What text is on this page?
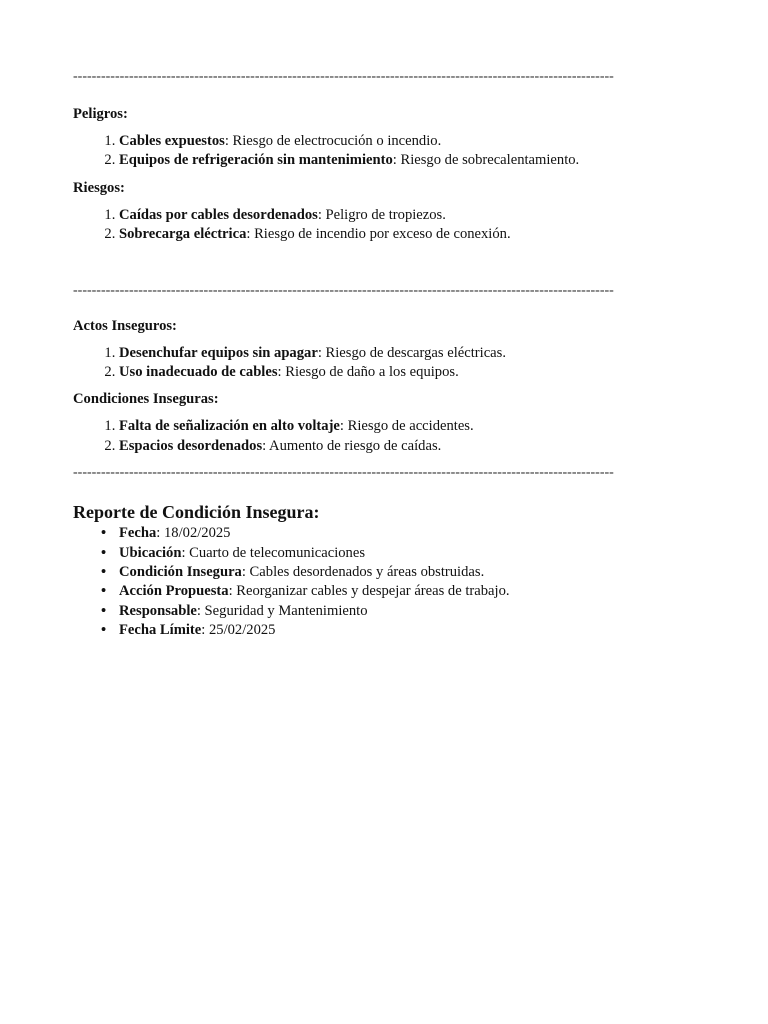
--------------------------------------------------------------------------------------------------------------------

Peligros:

1. Cables expuestos: Riesgo de electrocución o incendio.
2. Equipos de refrigeración sin mantenimiento: Riesgo de sobrecalentamiento.

Riesgos:

1. Caídas por cables desordenados: Peligro de tropiezos.
2. Sobrecarga eléctrica: Riesgo de incendio por exceso de conexión.
--------------------------------------------------------------------------------------------------------------------

Actos Inseguros:

1. Desenchufar equipos sin apagar: Riesgo de descargas eléctricas.
2. Uso inadecuado de cables: Riesgo de daño a los equipos.

Condiciones Inseguras:

1. Falta de señalización en alto voltaje: Riesgo de accidentes.
2. Espacios desordenados: Aumento de riesgo de caídas.
--------------------------------------------------------------------------------------------------------------------

Reporte de Condición Insegura:

• Fecha: 18/02/2025
• Ubicación: Cuarto de telecomunicaciones
• Condición Insegura: Cables desordenados y áreas obstruidas.
• Acción Propuesta: Reorganizar cables y despejar áreas de trabajo.
• Responsable: Seguridad y Mantenimiento
• Fecha Límite: 25/02/2025
